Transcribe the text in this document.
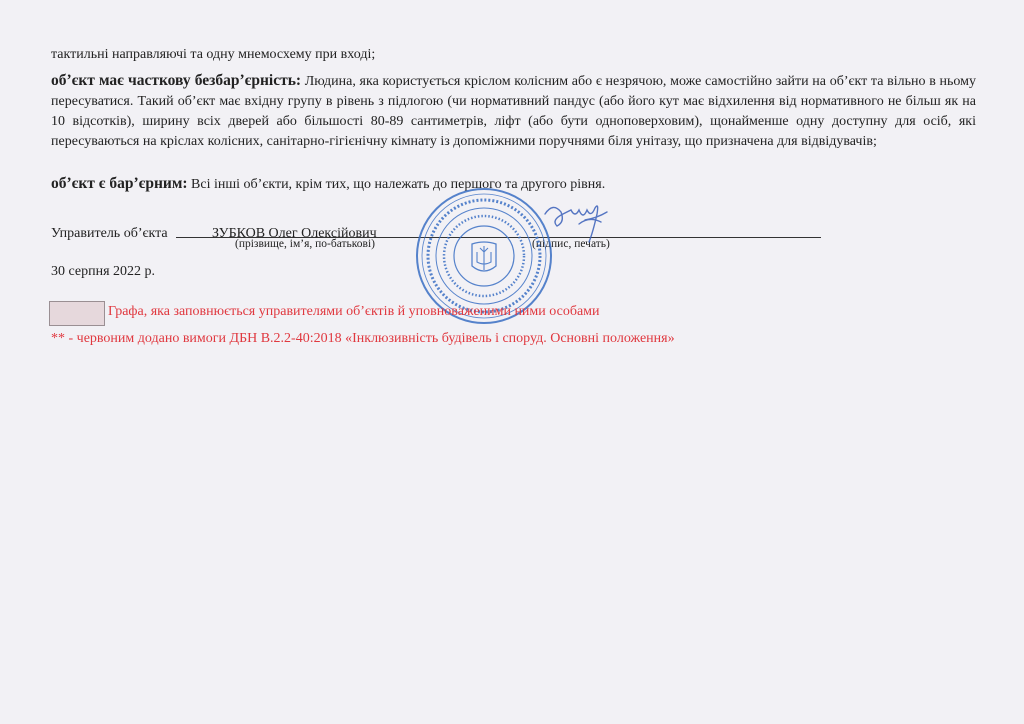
тактильні направляючі та одну мнемосхему при вході;
об’єкт має часткову безбар’єрність: Людина, яка користується кріслом колісним або є незрячою, може самостійно зайти на об’єкт та вільно в ньому пересуватися. Такий об’єкт має вхідну групу в рівень з підлогою (чи нормативний пандус (або його кут має відхилення від нормативного не більш як на 10 відсотків), ширину всіх дверей або більшості 80-89 сантиметрів, ліфт (або бути одноповерховим), щонайменше одну доступну для осіб, які пересуваються на кріслах колісних, санітарно-гігієнічну кімнату із допоміжними поручнями біля унітазу, що призначена для відвідувачів;
об’єкт є бар’єрним: Всі інші об’єкти, крім тих, що належать до першого та другого рівня.
Управитель об’єкта	ЗУБКОВ Олег Олексійович
(прізвище, ім’я, по-батькові)	(підпис, печать)
30 серпня 2022 р.
Графа, яка заповнюється управителями об’єктів й уповноваженими ними особами
** - червоним додано вимоги ДБН В.2.2-40:2018 «Інклюзивність будівель і споруд. Основні положення»
